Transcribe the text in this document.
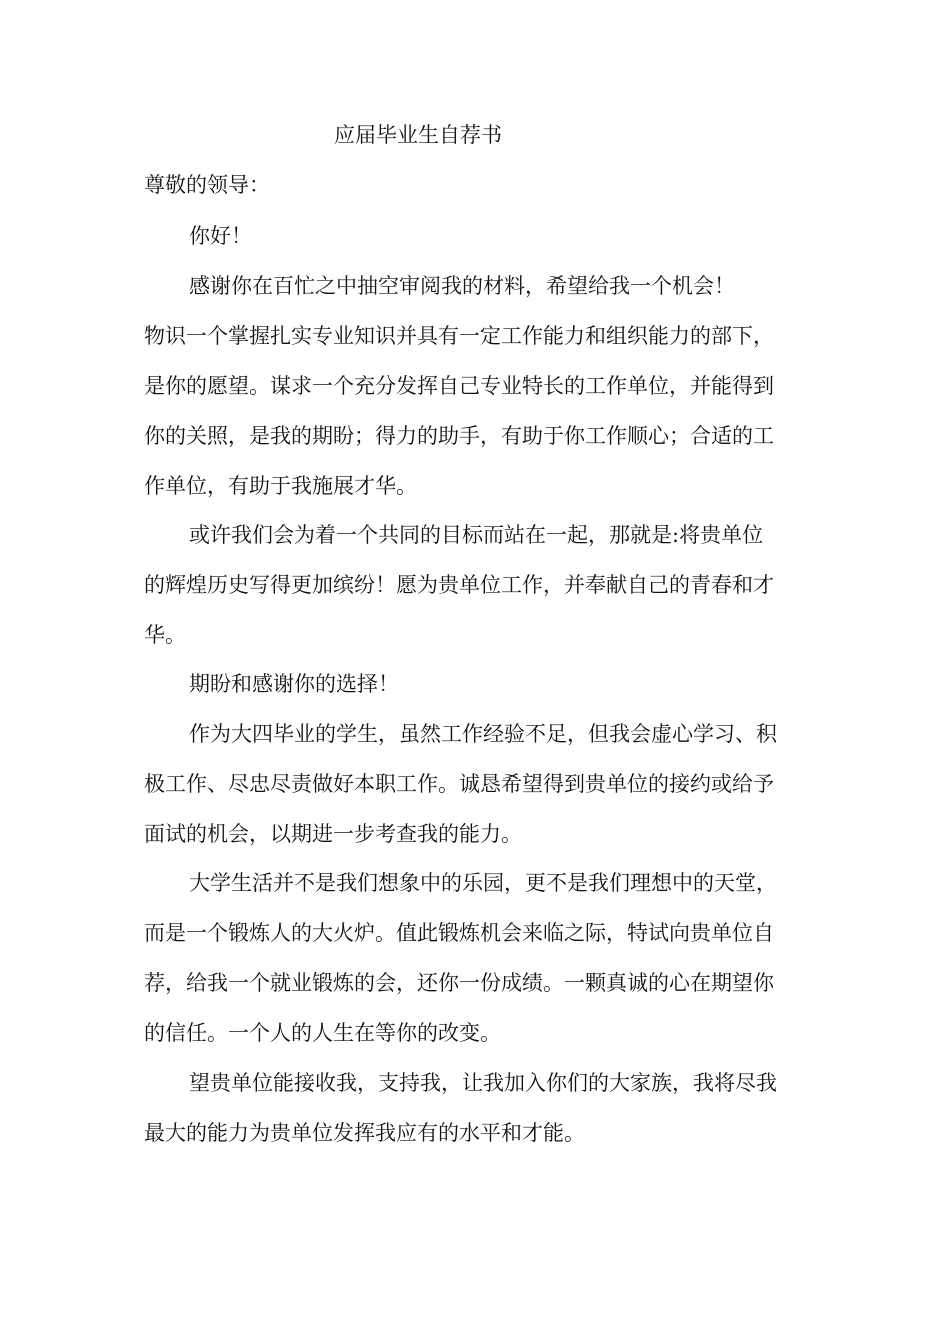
应届毕业生自荐书
尊敬的领导：
你好！
感谢你在百忙之中抽空审阅我的材料，希望给我一个机会！
物识一个掌握扎实专业知识并具有一定工作能力和组织能力的部下，
是你的愿望。谋求一个充分发挥自己专业特长的工作单位，并能得到
你的关照，是我的期盼；得力的助手，有助于你工作顺心；合适的工
作单位，有助于我施展才华。
或许我们会为着一个共同的目标而站在一起，那就是:将贵单位
的辉煌历史写得更加缤纷！愿为贵单位工作，并奉献自己的青春和才
华。
期盼和感谢你的选择！
作为大四毕业的学生，虽然工作经验不足，但我会虚心学习、积
极工作、尽忠尽责做好本职工作。诚恳希望得到贵单位的接约或给予
面试的机会，以期进一步考查我的能力。
大学生活并不是我们想象中的乐园，更不是我们理想中的天堂，
而是一个锻炼人的大火炉。值此锻炼机会来临之际，特试向贵单位自
荐，给我一个就业锻炼的会，还你一份成绩。一颗真诚的心在期望你
的信任。一个人的人生在等你的改变。
望贵单位能接收我，支持我，让我加入你们的大家族，我将尽我
最大的能力为贵单位发挥我应有的水平和才能。
